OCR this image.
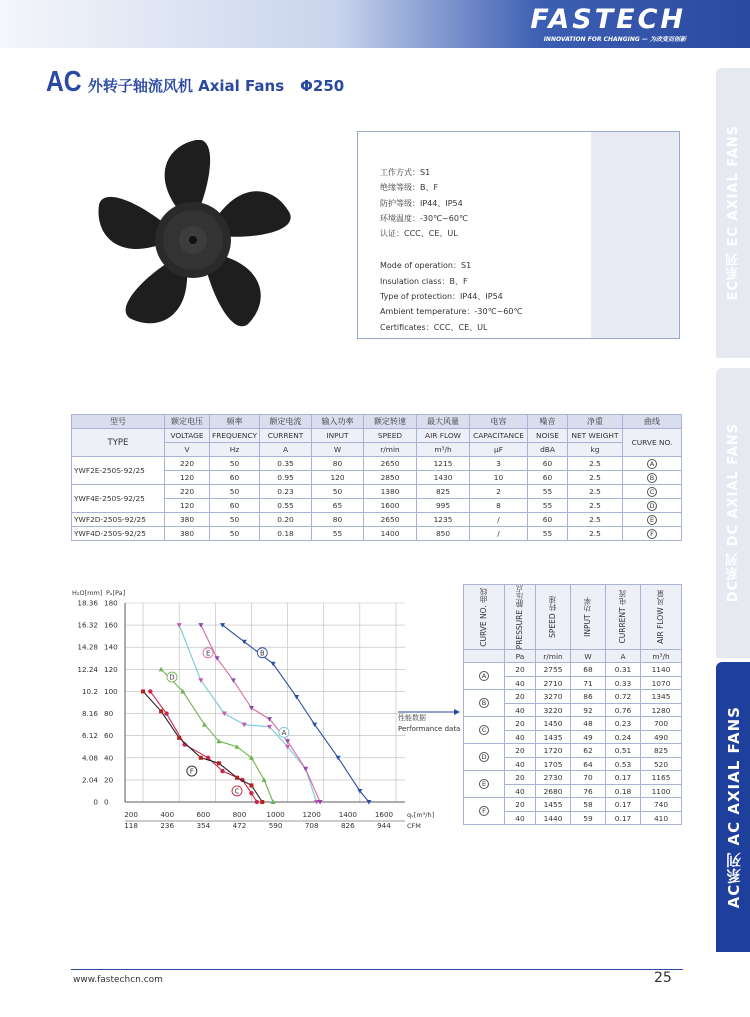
FASTECH
INNOVATION FOR CHANGING — 为改变而创新
AC 外转子轴流风机 Axial Fans Φ250
EC系列 EC AXIAL FANS
DC系列 DC AXIAL FANS
AC系列 AC AXIAL FANS
工作方式：S1
绝缘等级：B、F
防护等级：IP44、IP54
环境温度：-30℃~60℃
认证：CCC、CE、UL
Mode of operation：S1
Insulation class：B、F
Type of protection：IP44、IP54
Ambient temperature：-30℃~60℃
Certificates：CCC、CE、UL
型号	额定电压	频率	额定电流	输入功率	额定转速	最大风量	电容	噪音	净重	曲线
TYPE	VOLTAGE	FREQUENCY	CURRENT	INPUT	SPEED	AIR FLOW	CAPACITANCE	NOISE	NET WEIGHT	CURVE NO.
	V	Hz	A	W	r/min	m³/h	μF	dBA	kg	
YWF2E-250S-92/25	220	50	0.35	80	2650	1215	3	60	2.5	A
	120	60	0.95	120	2850	1430	10	60	2.5	B
YWF4E-250S-92/25	220	50	0.23	50	1380	825	2	55	2.5	C
	120	60	0.55	65	1600	995	8	55	2.5	D
YWF2D-250S-92/25	380	50	0.20	80	2650	1235	/	60	2.5	E
YWF4D-250S-92/25	380	50	0.18	55	1400	850	/	55	2.5	F
18.36
16.32
14.28
12.24
10.2
8.16
6.12
4.08
2.04
0
180
160
140
120
100
80
60
40
20
0
H₂O[mm] Pₐ[Pa]
200	400	600	800	1000 1200 1400 1600
118	236	354	472	590	708	826	944
qᵥ[m³/h]
CFM
A
B
C
D
E
F
性能数据
Performance data
CURVE NO. 曲线	PRESSURE 静压点	SPEED 转速	INPUT 功率	CURRENT 电流	AIR FLOW 风量

	Pa	r/min	W	A	m³/h
A	20	2755	68	0.31	1140
	40	2710	71	0.33	1070
B	20	3270	86	0.72	1345
	40	3220	92	0.76	1280
C	20	1450	48	0.23	700
	40	1435	49	0.24	490
D	20	1720	62	0.51	825
	40	1705	64	0.53	520
E	20	2730	70	0.17	1165
	40	2680	76	0.18	1100
F	20	1455	58	0.17	740
	40	1440	59	0.17	410
www.fastechcn.com	25
